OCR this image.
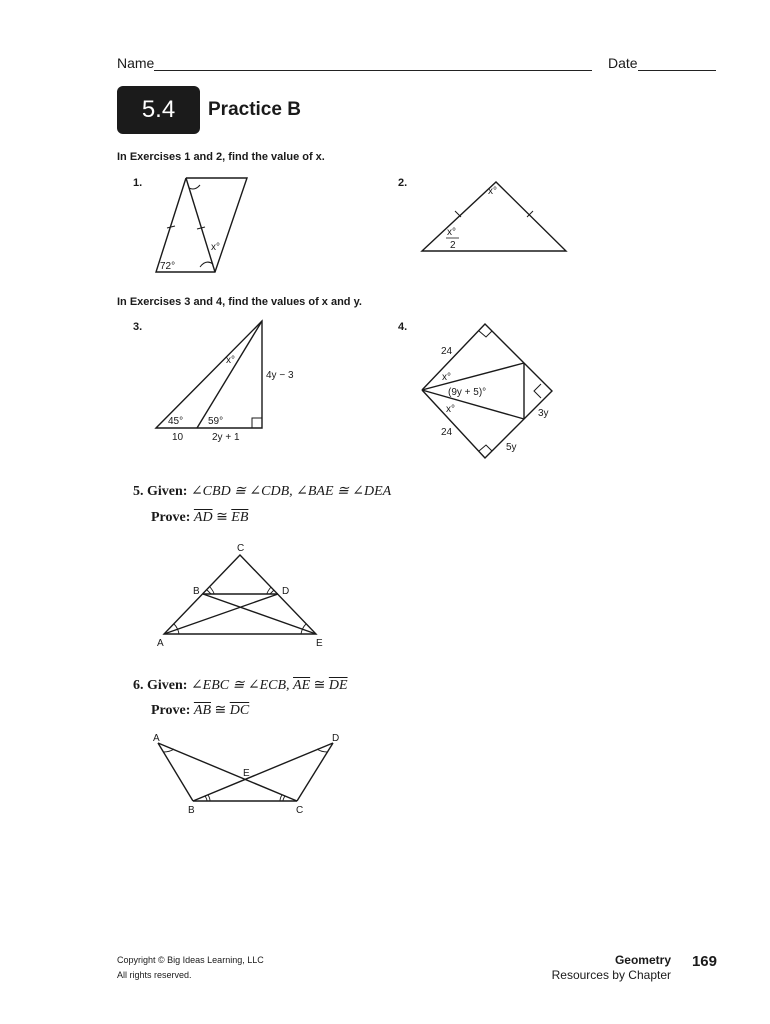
Name	Date
5.4 Practice B
In Exercises 1 and 2, find the value of x.
1.	2.
72°
x°
x°
x°
2
In Exercises 3 and 4, find the values of x and y.
3.	4.
x°
4y − 3
45° 59°
10	2y + 1
24
x°
(9y + 5)°
x°
24
3y
5y
5. Given: ∠CBD ≅ ∠CDB, ∠BAE ≅ ∠DEA
Prove: $\overline{AD}$ ≅ $\overline{EB}$
C
B	D
A	E
6. Given: ∠EBC ≅ ∠ECB, $\overline{AE}$ ≅ $\overline{DE}$
Prove: $\overline{AB}$ ≅ $\overline{DC}$
A	D
E
B	C
Copyright © Big Ideas Learning, LLC
All rights reserved.
Geometry
Resources by Chapter
169
